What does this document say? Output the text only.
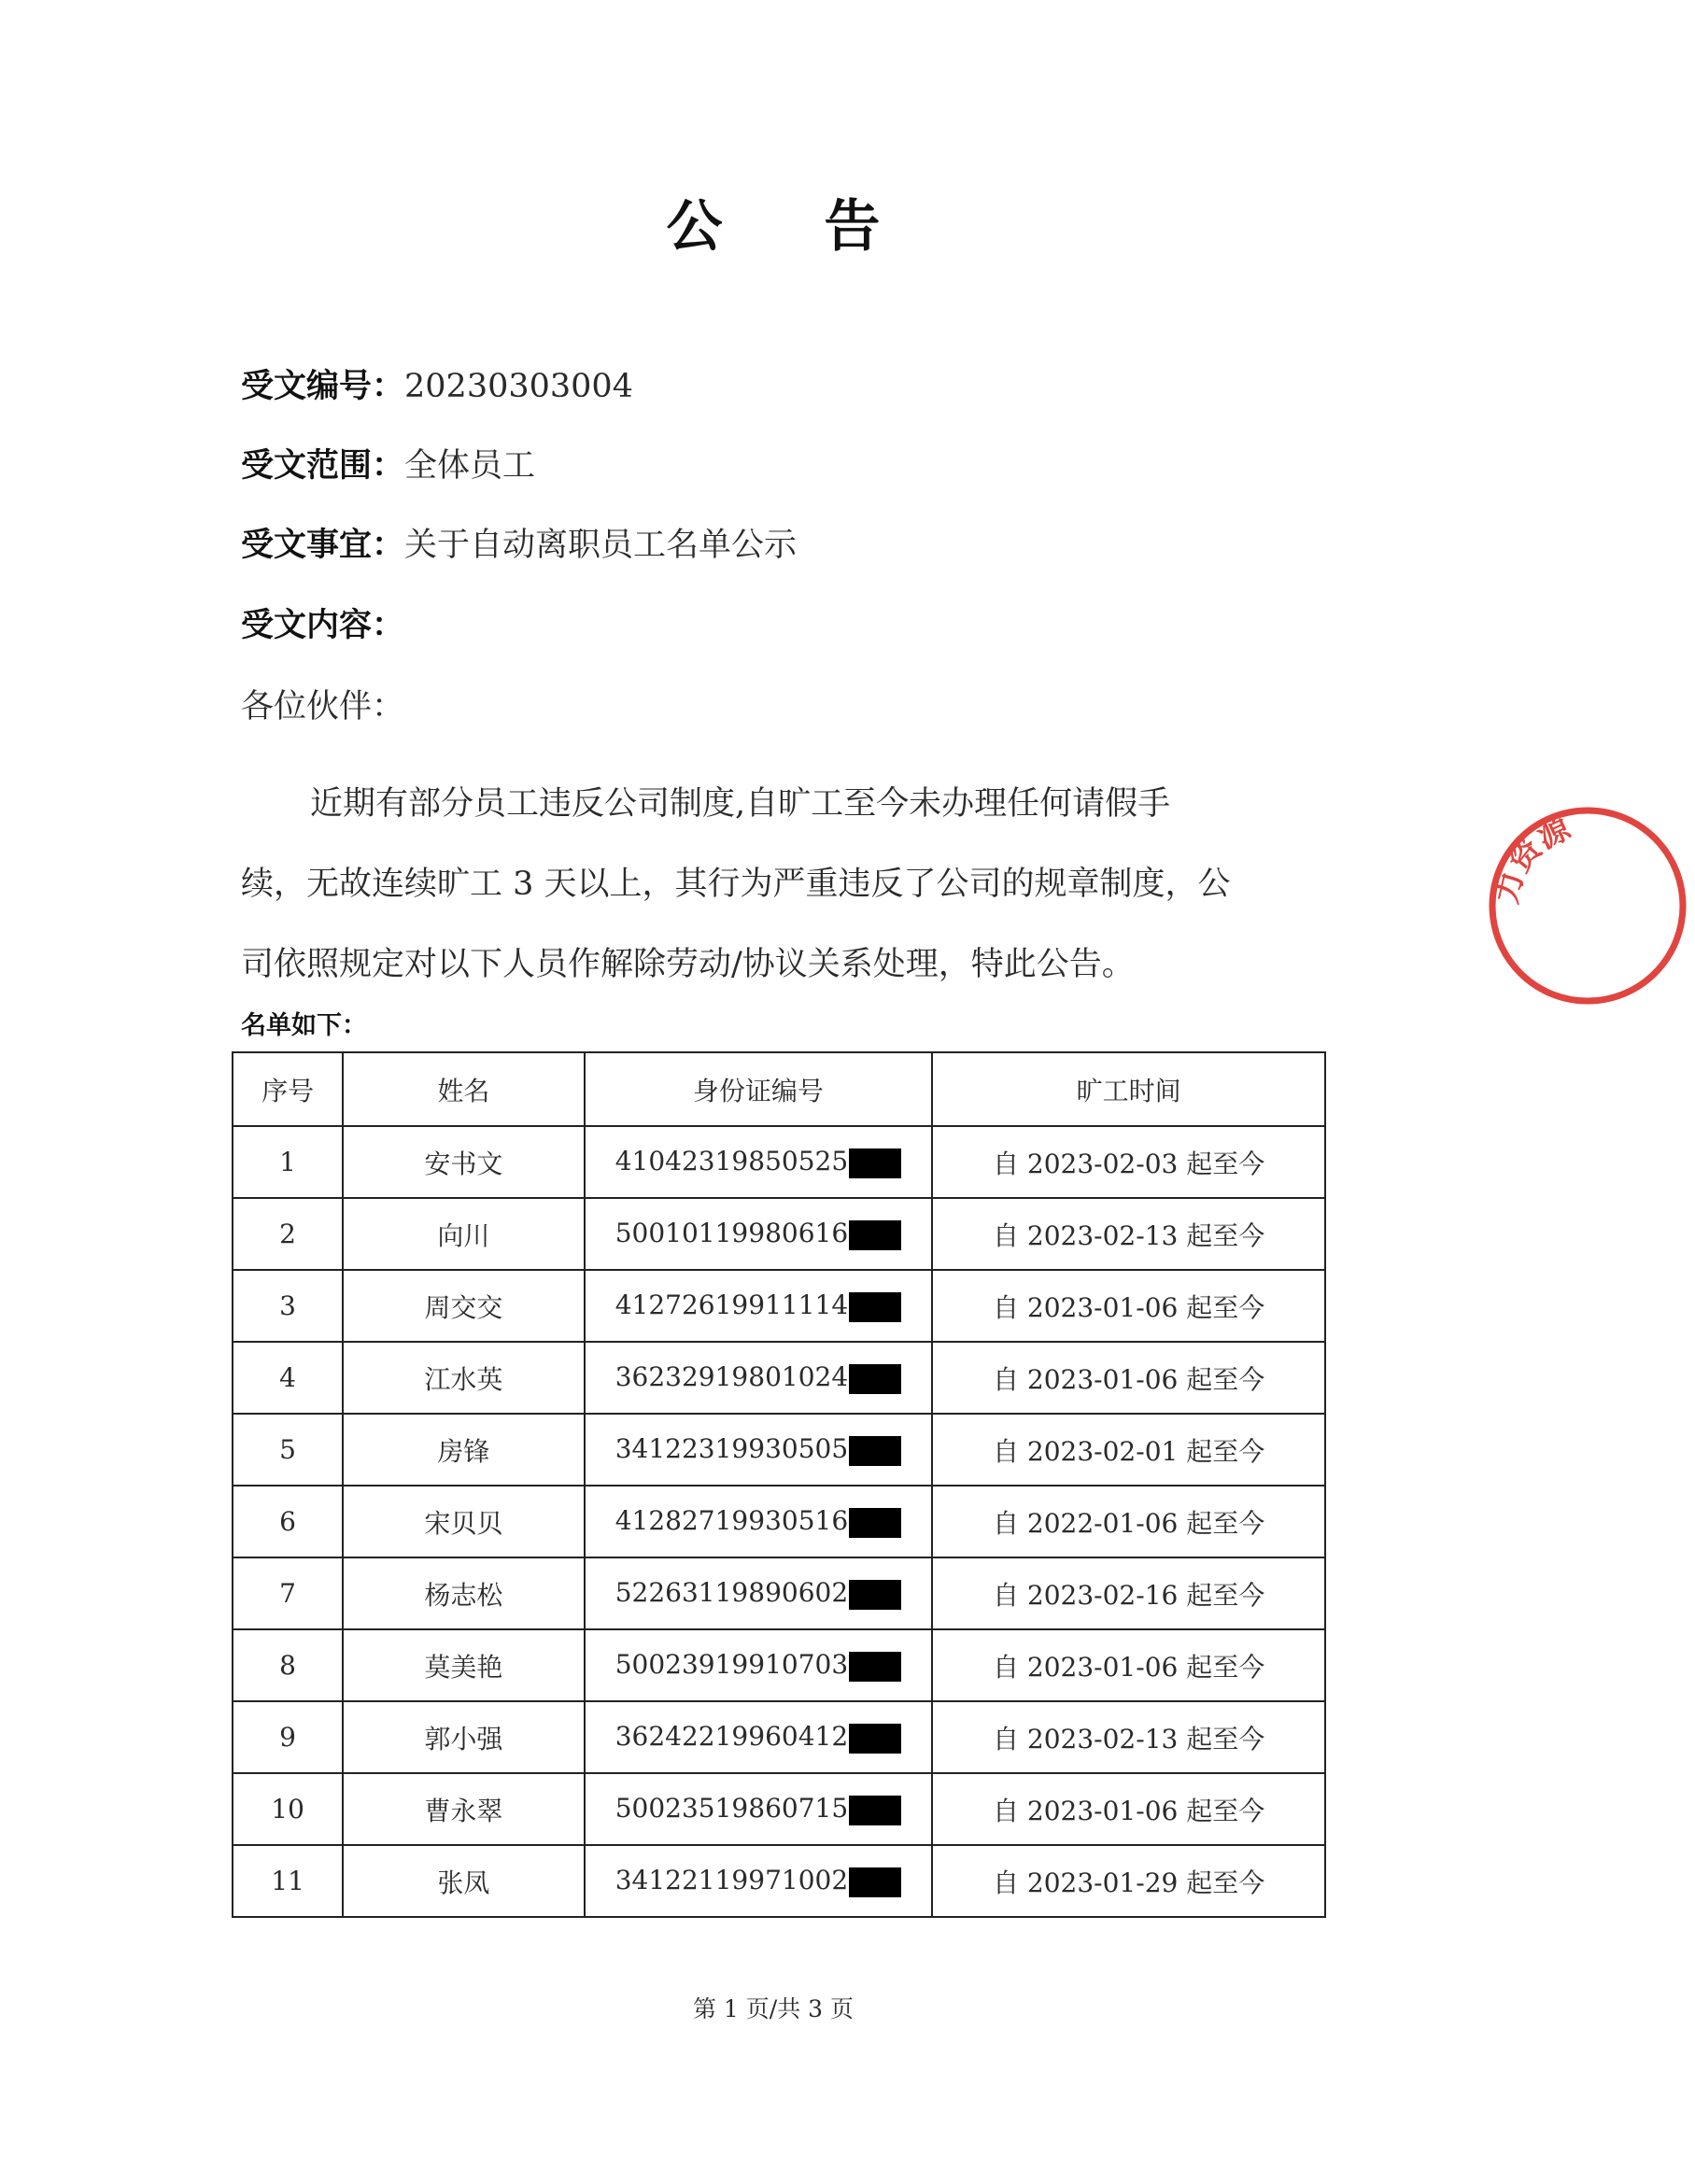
公 告
受文编号：20230303004
受文范围：全体员工
受文事宜：关于自动离职员工名单公示
受文内容：
各位伙伴：
近期有部分员工违反公司制度,自旷工至今未办理任何请假手
续，无故连续旷工 3 天以上，其行为严重违反了公司的规章制度，公
司依照规定对以下人员作解除劳动/协议关系处理，特此公告。
名单如下：
序号	姓名	身份证编号	旷工时间
1	安书文	41042319850525	自 2023-02-03 起至今
2	向川	50010119980616	自 2023-02-13 起至今
3	周交交	41272619911114	自 2023-01-06 起至今
4	江水英	36232919801024	自 2023-01-06 起至今
5	房锋	34122319930505	自 2023-02-01 起至今
6	宋贝贝	41282719930516	自 2022-01-06 起至今
7	杨志松	52263119890602	自 2023-02-16 起至今
8	莫美艳	50023919910703	自 2023-01-06 起至今
9	郭小强	36242219960412	自 2023-02-13 起至今
10	曹永翠	50023519860715	自 2023-01-06 起至今
11	张凤	34122119971002	自 2023-01-29 起至今
第 1 页/共 3 页
力资源
